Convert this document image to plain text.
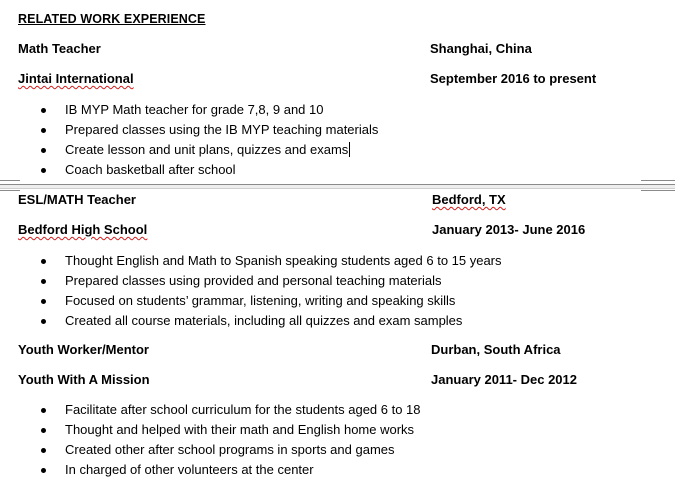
RELATED WORK EXPERIENCE
Math Teacher	Shanghai, China
Jintai International	September 2016 to present
IB MYP Math teacher for grade 7,8, 9 and 10
Prepared classes using the IB MYP teaching materials
Create lesson and unit plans, quizzes and exams
Coach basketball after school
ESL/MATH Teacher	Bedford, TX
Bedford High School	January 2013- June 2016
Thought English and Math to Spanish speaking students aged 6 to 15 years
Prepared classes using provided and personal teaching materials
Focused on students’ grammar, listening, writing and speaking skills
Created all course materials, including all quizzes and exam samples
Youth Worker/Mentor	Durban, South Africa
Youth With A Mission	January 2011- Dec 2012
Facilitate after school curriculum for the students aged 6 to 18
Thought and helped with their math and English home works
Created other after school programs in sports and games
In charged of other volunteers at the center
